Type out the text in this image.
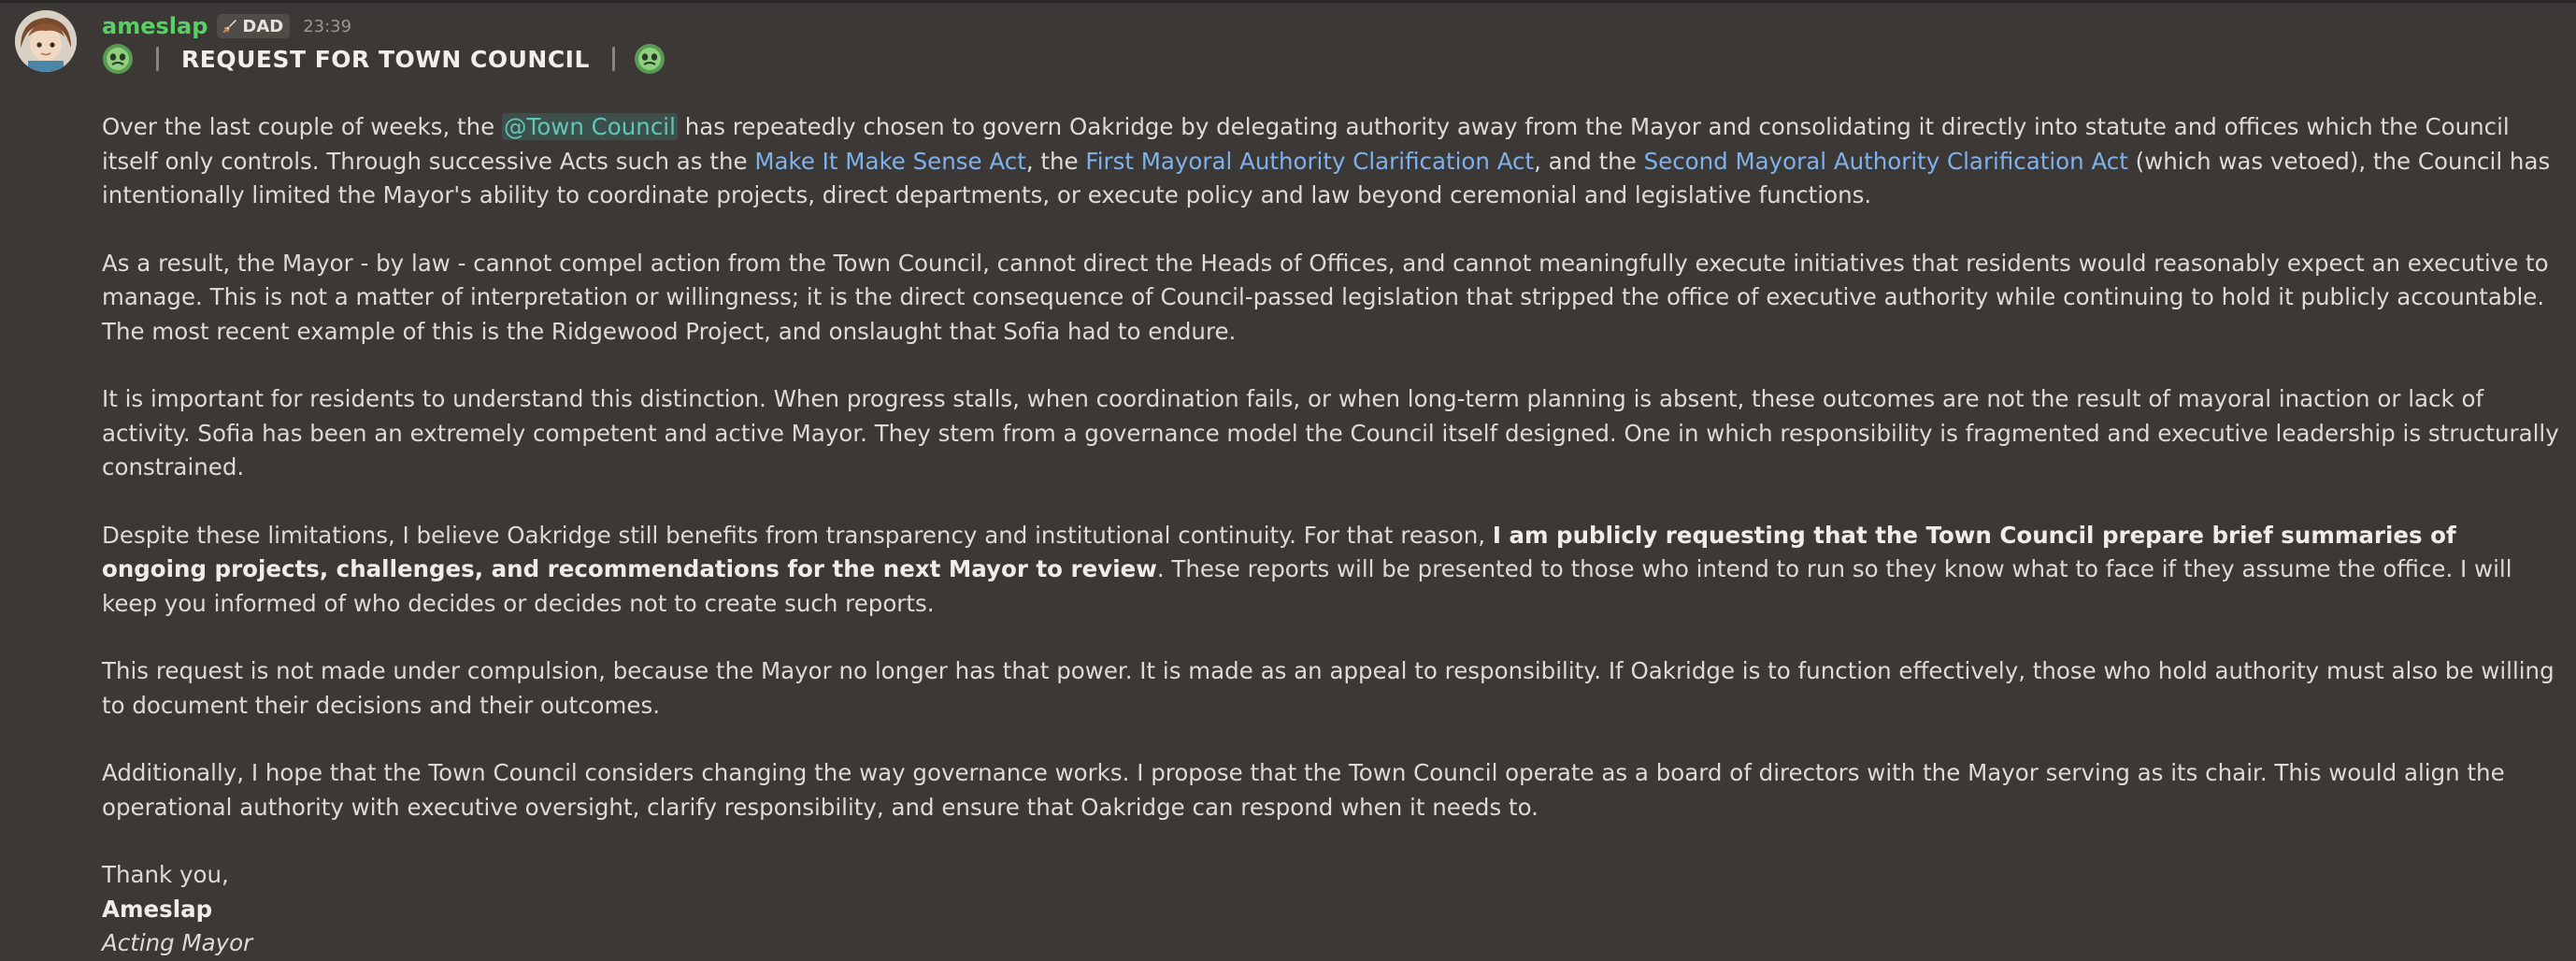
ameslap DAD 23:39
REQUEST FOR TOWN COUNCIL

Over the last couple of weeks, the @Town Council has repeatedly chosen to govern Oakridge by delegating authority away from the Mayor and consolidating it directly into statute and offices which the Council itself only controls. Through successive Acts such as the Make It Make Sense Act, the First Mayoral Authority Clarification Act, and the Second Mayoral Authority Clarification Act (which was vetoed), the Council has intentionally limited the Mayor's ability to coordinate projects, direct departments, or execute policy and law beyond ceremonial and legislative functions.

As a result, the Mayor - by law - cannot compel action from the Town Council, cannot direct the Heads of Offices, and cannot meaningfully execute initiatives that residents would reasonably expect an executive to manage. This is not a matter of interpretation or willingness; it is the direct consequence of Council-passed legislation that stripped the office of executive authority while continuing to hold it publicly accountable. The most recent example of this is the Ridgewood Project, and onslaught that Sofia had to endure.

It is important for residents to understand this distinction. When progress stalls, when coordination fails, or when long-term planning is absent, these outcomes are not the result of mayoral inaction or lack of activity. Sofia has been an extremely competent and active Mayor. They stem from a governance model the Council itself designed. One in which responsibility is fragmented and executive leadership is structurally constrained.

Despite these limitations, I believe Oakridge still benefits from transparency and institutional continuity. For that reason, I am publicly requesting that the Town Council prepare brief summaries of ongoing projects, challenges, and recommendations for the next Mayor to review. These reports will be presented to those who intend to run so they know what to face if they assume the office. I will keep you informed of who decides or decides not to create such reports.

This request is not made under compulsion, because the Mayor no longer has that power. It is made as an appeal to responsibility. If Oakridge is to function effectively, those who hold authority must also be willing to document their decisions and their outcomes.

Additionally, I hope that the Town Council considers changing the way governance works. I propose that the Town Council operate as a board of directors with the Mayor serving as its chair. This would align the operational authority with executive oversight, clarify responsibility, and ensure that Oakridge can respond when it needs to.

Thank you,

Ameslap

Acting Mayor
